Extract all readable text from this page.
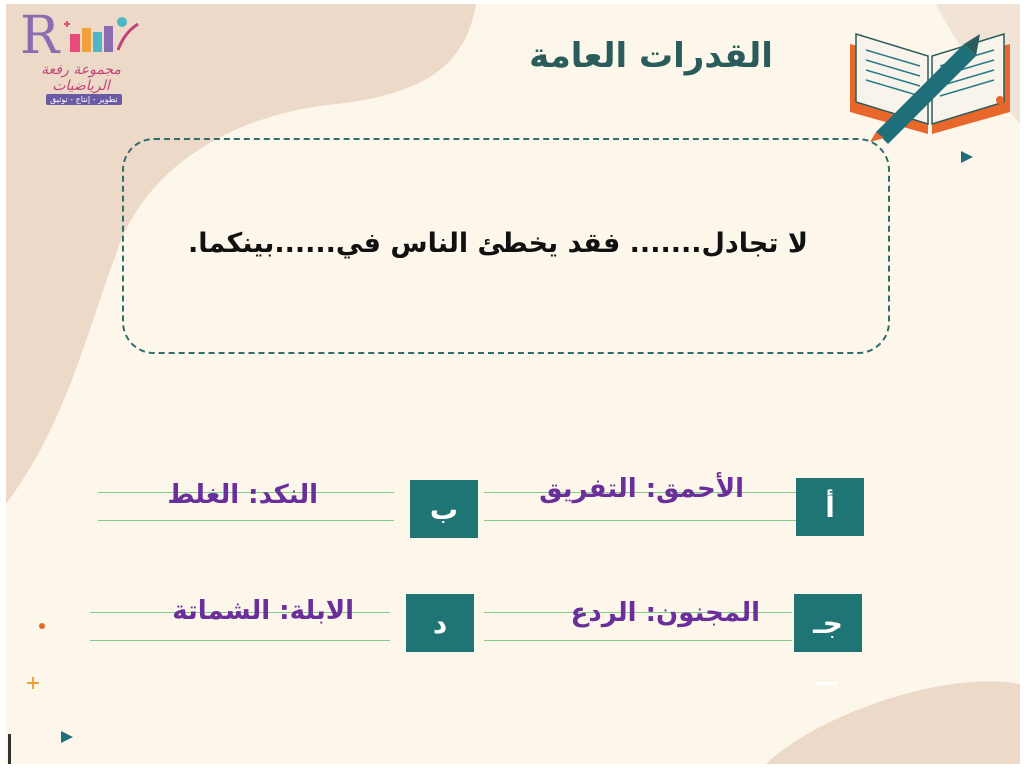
R
مجموعة رفعة الرياضيات
تطوير - إنتاج - توثيق
القدرات العامة
لا تجادل....... فقد يخطئ الناس في......بينكما.
أ
الأحمق: التفريق
ب
النكد: الغلط
جـ
المجنون: الردع
د
الابلة: الشماتة
